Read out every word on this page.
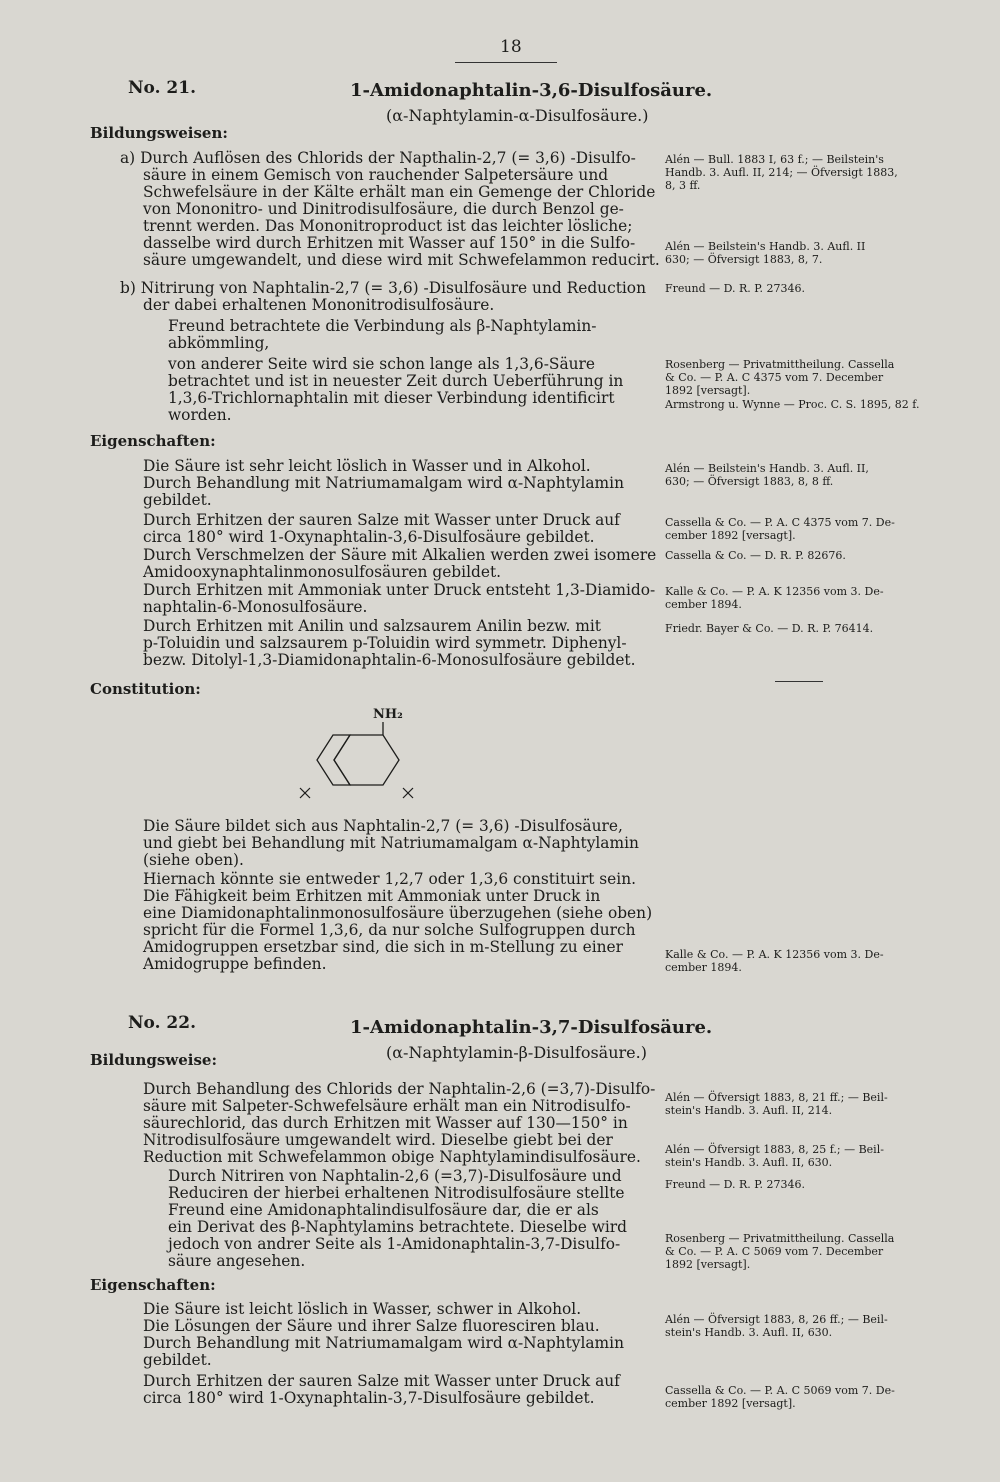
18
No. 21.	1-Amidonaphtalin-3,6-Disulfosäure.
(α-Naphtylamin-α-Disulfosäure.)
Bildungsweisen:
a) Durch Auflösen des Chlorids der Napthalin-2,7 (= 3,6) -Disulfo-
säure in einem Gemisch von rauchender Salpetersäure und
Schwefelsäure in der Kälte erhält man ein Gemenge der Chloride
von Mononitro- und Dinitrodisulfosäure, die durch Benzol ge-
trennt werden. Das Mononitroproduct ist das leichter lösliche;
dasselbe wird durch Erhitzen mit Wasser auf 150° in die Sulfo-
säure umgewandelt, und diese wird mit Schwefelammon reducirt.
b) Nitrirung von Naphtalin-2,7 (= 3,6) -Disulfosäure und Reduction
der dabei erhaltenen Mononitrodisulfosäure.
Freund betrachtete die Verbindung als β-Naphtylamin-
abkömmling,
von anderer Seite wird sie schon lange als 1,3,6-Säure
betrachtet und ist in neuester Zeit durch Ueberführung in
1,3,6-Trichlornaphtalin mit dieser Verbindung identificirt
worden.
Eigenschaften:
Die Säure ist sehr leicht löslich in Wasser und in Alkohol.
Durch Behandlung mit Natriumamalgam wird α-Naphtylamin
gebildet.
Durch Erhitzen der sauren Salze mit Wasser unter Druck auf
circa 180° wird 1-Oxynaphtalin-3,6-Disulfosäure gebildet.
Durch Verschmelzen der Säure mit Alkalien werden zwei isomere
Amidooxynaphtalinmonosulfosäuren gebildet.
Durch Erhitzen mit Ammoniak unter Druck entsteht 1,3-Diamido-
naphtalin-6-Monosulfosäure.
Durch Erhitzen mit Anilin und salzsaurem Anilin bezw. mit
p-Toluidin und salzsaurem p-Toluidin wird symmetr. Diphenyl-
bezw. Ditolyl-1,3-Diamidonaphtalin-6-Monosulfosäure gebildet.
Constitution:
NH₂
Die Säure bildet sich aus Naphtalin-2,7 (= 3,6) -Disulfosäure,
und giebt bei Behandlung mit Natriumamalgam α-Naphtylamin
(siehe oben).
Hiernach könnte sie entweder 1,2,7 oder 1,3,6 constituirt sein.
Die Fähigkeit beim Erhitzen mit Ammoniak unter Druck in
eine Diamidonaphtalinmonosulfosäure überzugehen (siehe oben)
spricht für die Formel 1,3,6, da nur solche Sulfogruppen durch
Amidogruppen ersetzbar sind, die sich in m-Stellung zu einer
Amidogruppe befinden.
Alén — Bull. 1883 I, 63 f.; — Beilstein's
Handb. 3. Aufl. II, 214; — Öfversigt 1883,
8, 3 ff.
Alén — Beilstein's Handb. 3. Aufl. II
630; — Öfversigt 1883, 8, 7.
Freund — D. R. P. 27346.
Rosenberg — Privatmittheilung. Cassella
& Co. — P. A. C 4375 vom 7. December
1892 [versagt].
Armstrong u. Wynne — Proc. C. S. 1895, 82 f.
Alén — Beilstein's Handb. 3. Aufl. II,
630; — Öfversigt 1883, 8, 8 ff.
Cassella & Co. — P. A. C 4375 vom 7. De-
cember 1892 [versagt].
Cassella & Co. — D. R. P. 82676.
Kalle & Co. — P. A. K 12356 vom 3. De-
cember 1894.
Friedr. Bayer & Co. — D. R. P. 76414.
Kalle & Co. — P. A. K 12356 vom 3. De-
cember 1894.
No. 22.	1-Amidonaphtalin-3,7-Disulfosäure.
(α-Naphtylamin-β-Disulfosäure.)
Bildungsweise:
Durch Behandlung des Chlorids der Naphtalin-2,6 (=3,7)-Disulfo-
säure mit Salpeter-Schwefelsäure erhält man ein Nitrodisulfo-
säurechlorid, das durch Erhitzen mit Wasser auf 130—150° in
Nitrodisulfosäure umgewandelt wird. Dieselbe giebt bei der
Reduction mit Schwefelammon obige Naphtylamindisulfosäure.
Durch Nitriren von Naphtalin-2,6 (=3,7)-Disulfosäure und
Reduciren der hierbei erhaltenen Nitrodisulfosäure stellte
Freund eine Amidonaphtalindisulfosäure dar, die er als
ein Derivat des β-Naphtylamins betrachtete. Dieselbe wird
jedoch von andrer Seite als 1-Amidonaphtalin-3,7-Disulfo-
säure angesehen.
Eigenschaften:
Die Säure ist leicht löslich in Wasser, schwer in Alkohol.
Die Lösungen der Säure und ihrer Salze fluoresciren blau.
Durch Behandlung mit Natriumamalgam wird α-Naphtylamin
gebildet.
Durch Erhitzen der sauren Salze mit Wasser unter Druck auf
circa 180° wird 1-Oxynaphtalin-3,7-Disulfosäure gebildet.
Alén — Öfversigt 1883, 8, 21 ff.; — Beil-
stein's Handb. 3. Aufl. II, 214.
Alén — Öfversigt 1883, 8, 25 f.; — Beil-
stein's Handb. 3. Aufl. II, 630.
Freund — D. R. P. 27346.
Rosenberg — Privatmittheilung. Cassella
& Co. — P. A. C 5069 vom 7. December
1892 [versagt].
Alén — Öfversigt 1883, 8, 26 ff.; — Beil-
stein's Handb. 3. Aufl. II, 630.
Cassella & Co. — P. A. C 5069 vom 7. De-
cember 1892 [versagt].
